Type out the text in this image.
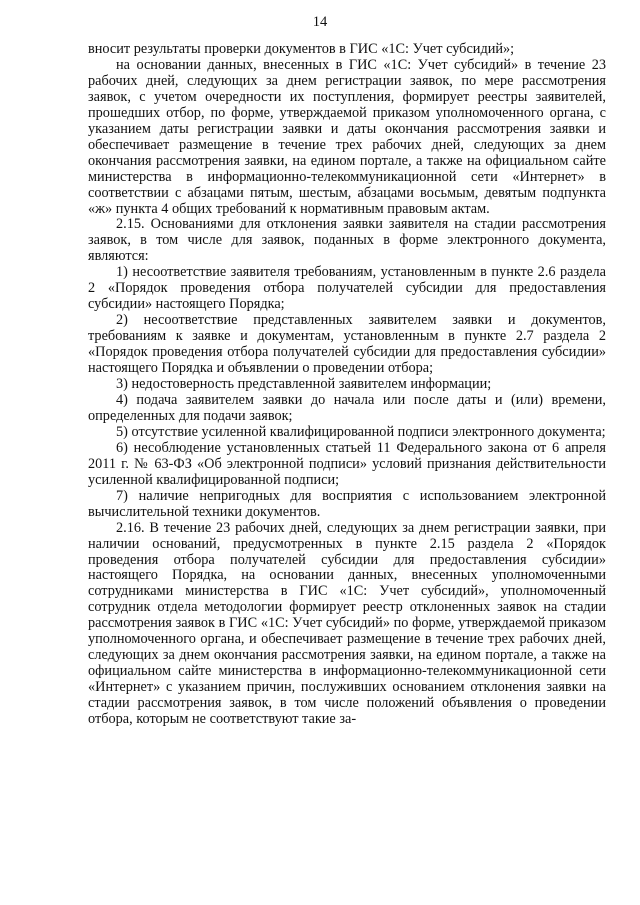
14

вносит результаты проверки документов в ГИС «1С: Учет субсидий»;

на основании данных, внесенных в ГИС «1С: Учет субсидий» в течение 23 рабочих дней, следующих за днем регистрации заявок, по мере рассмотрения заявок, с учетом очередности их поступления, формирует реестры заявителей, прошедших отбор, по форме, утверждаемой приказом уполномоченного органа, с указанием даты регистрации заявки и даты окончания рассмотрения заявки и обеспечивает размещение в течение трех рабочих дней, следующих за днем окончания рассмотрения заявки, на едином портале, а также на официальном сайте министерства в информационно-телекоммуникационной сети «Интернет» в соответствии с абзацами пятым, шестым, абзацами восьмым, девятым подпункта «ж» пункта 4 общих требований к нормативным правовым актам.

2.15. Основаниями для отклонения заявки заявителя на стадии рассмотрения заявок, в том числе для заявок, поданных в форме электронного документа, являются:

1) несоответствие заявителя требованиям, установленным в пункте 2.6 раздела 2 «Порядок проведения отбора получателей субсидии для предоставления субсидии» настоящего Порядка;

2) несоответствие представленных заявителем заявки и документов, требованиям к заявке и документам, установленным в пункте 2.7 раздела 2 «Порядок проведения отбора получателей субсидии для предоставления субсидии» настоящего Порядка и объявлении о проведении отбора;

3) недостоверность представленной заявителем информации;

4) подача заявителем заявки до начала или после даты и (или) времени, определенных для подачи заявок;

5) отсутствие усиленной квалифицированной подписи электронного документа;

6) несоблюдение установленных статьей 11 Федерального закона от 6 апреля 2011 г. № 63-ФЗ «Об электронной подписи» условий признания действительности усиленной квалифицированной подписи;

7) наличие непригодных для восприятия с использованием электронной вычислительной техники документов.

2.16. В течение 23 рабочих дней, следующих за днем регистрации заявки, при наличии оснований, предусмотренных в пункте 2.15 раздела 2 «Порядок проведения отбора получателей субсидии для предоставления субсидии» настоящего Порядка, на основании данных, внесенных уполномоченными сотрудниками министерства в ГИС «1С: Учет субсидий», уполномоченный сотрудник отдела методологии формирует реестр отклоненных заявок на стадии рассмотрения заявок в ГИС «1С: Учет субсидий» по форме, утверждаемой приказом уполномоченного органа, и обеспечивает размещение в течение трех рабочих дней, следующих за днем окончания рассмотрения заявки, на едином портале, а также на официальном сайте министерства в информационно-телекоммуникационной сети «Интернет» с указанием причин, послуживших основанием отклонения заявки на стадии рассмотрения заявок, в том числе положений объявления о проведении отбора, которым не соответствуют такие за-
